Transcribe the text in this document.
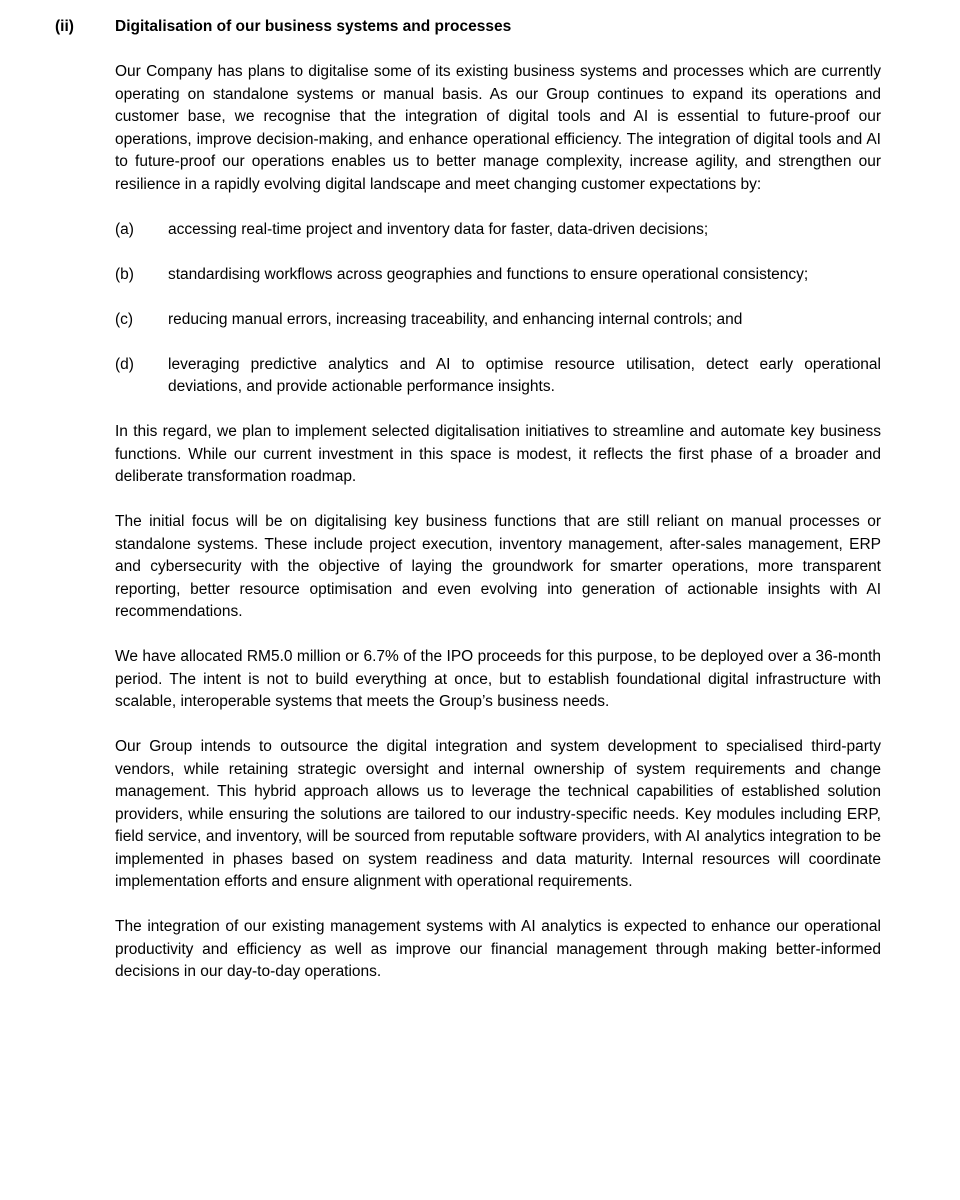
(ii)	Digitalisation of our business systems and processes

Our Company has plans to digitalise some of its existing business systems and processes which are currently operating on standalone systems or manual basis. As our Group continues to expand its operations and customer base, we recognise that the integration of digital tools and AI is essential to future-proof our operations, improve decision-making, and enhance operational efficiency. The integration of digital tools and AI to future-proof our operations enables us to better manage complexity, increase agility, and strengthen our resilience in a rapidly evolving digital landscape and meet changing customer expectations by:

(a)	accessing real-time project and inventory data for faster, data-driven decisions;
(b)	standardising workflows across geographies and functions to ensure operational consistency;
(c)	reducing manual errors, increasing traceability, and enhancing internal controls; and
(d)	leveraging predictive analytics and AI to optimise resource utilisation, detect early operational deviations, and provide actionable performance insights.

In this regard, we plan to implement selected digitalisation initiatives to streamline and automate key business functions. While our current investment in this space is modest, it reflects the first phase of a broader and deliberate transformation roadmap.

The initial focus will be on digitalising key business functions that are still reliant on manual processes or standalone systems. These include project execution, inventory management, after-sales management, ERP and cybersecurity with the objective of laying the groundwork for smarter operations, more transparent reporting, better resource optimisation and even evolving into generation of actionable insights with AI recommendations.

We have allocated RM5.0 million or 6.7% of the IPO proceeds for this purpose, to be deployed over a 36-month period. The intent is not to build everything at once, but to establish foundational digital infrastructure with scalable, interoperable systems that meets the Group’s business needs.

Our Group intends to outsource the digital integration and system development to specialised third-party vendors, while retaining strategic oversight and internal ownership of system requirements and change management. This hybrid approach allows us to leverage the technical capabilities of established solution providers, while ensuring the solutions are tailored to our industry-specific needs. Key modules including ERP, field service, and inventory, will be sourced from reputable software providers, with AI analytics integration to be implemented in phases based on system readiness and data maturity. Internal resources will coordinate implementation efforts and ensure alignment with operational requirements.

The integration of our existing management systems with AI analytics is expected to enhance our operational productivity and efficiency as well as improve our financial management through making better-informed decisions in our day-to-day operations.
